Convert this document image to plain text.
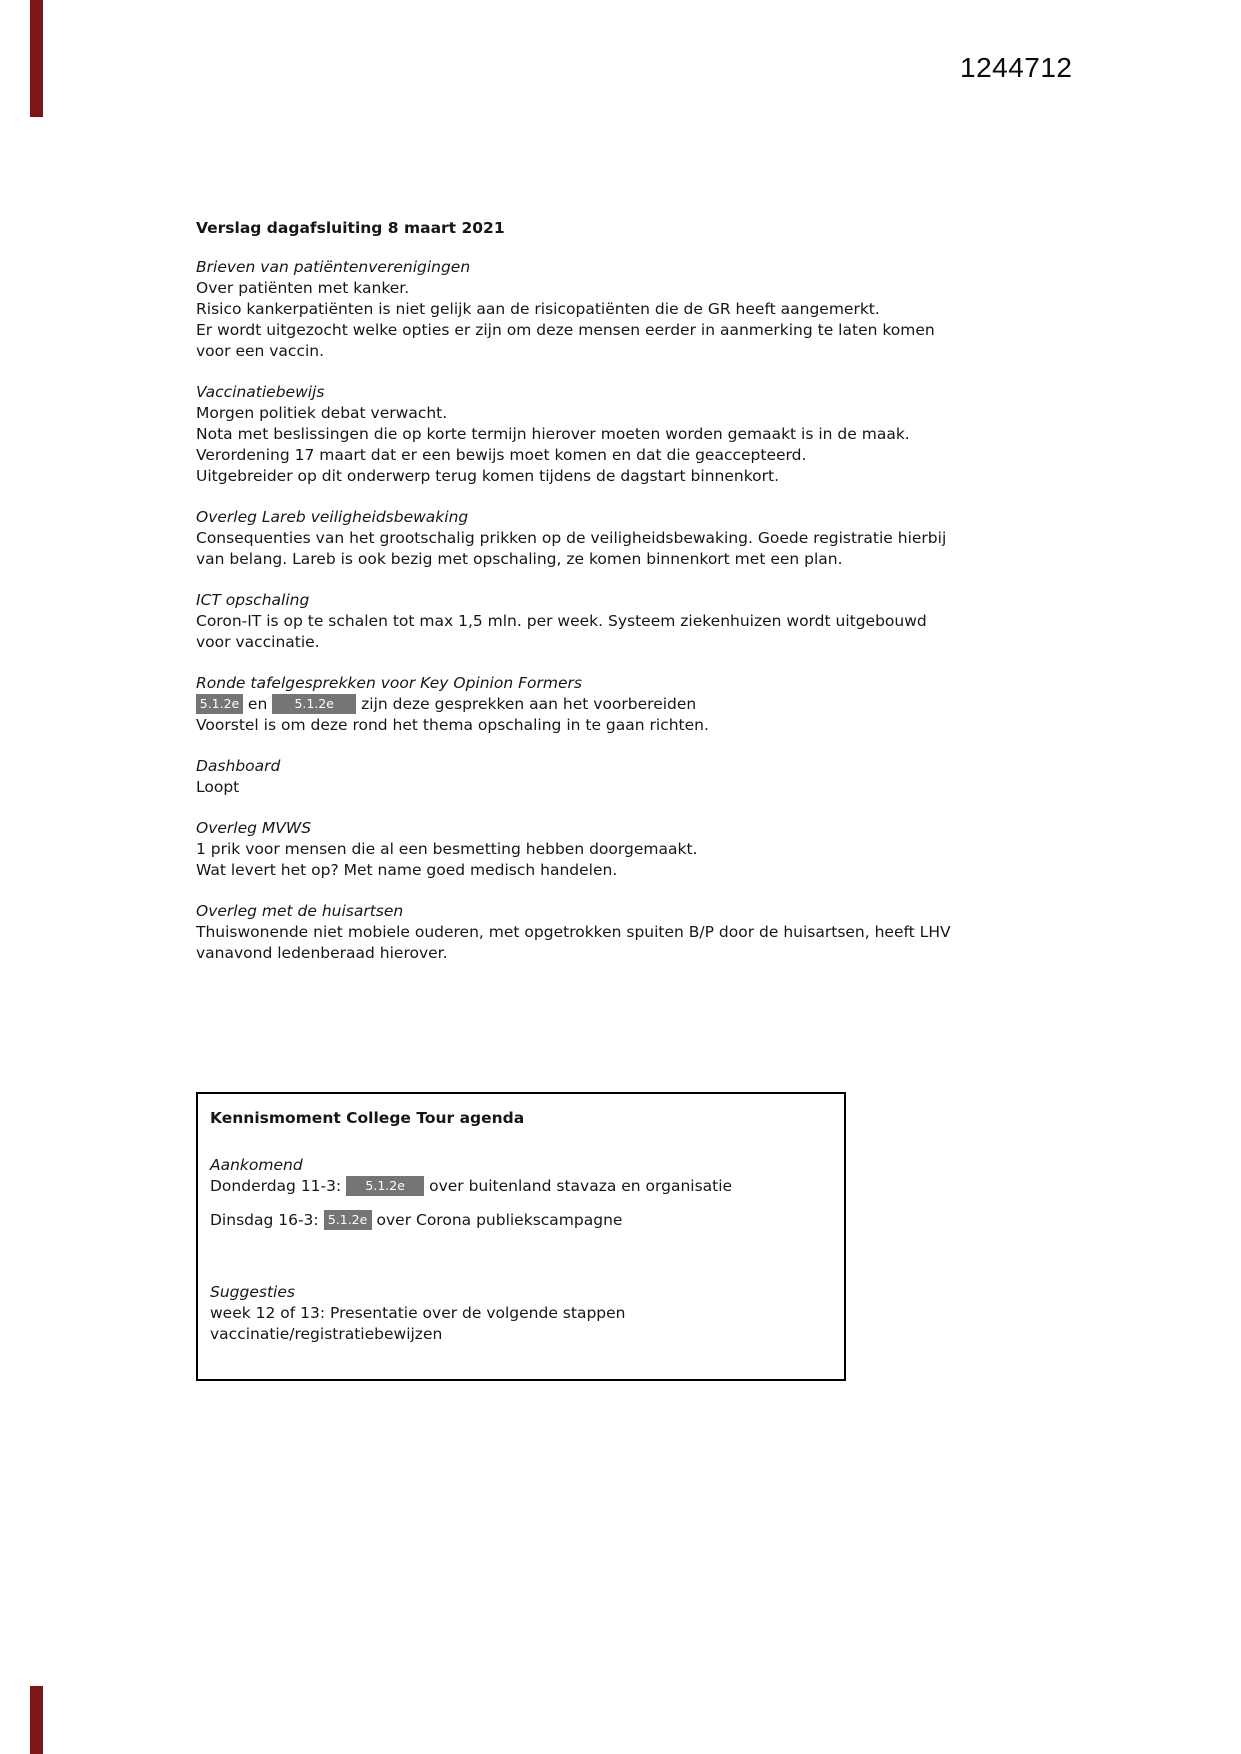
1244712
Verslag dagafsluiting 8 maart 2021
Brieven van patiëntenverenigingen
Over patiënten met kanker.
Risico kankerpatiënten is niet gelijk aan de risicopatiënten die de GR heeft aangemerkt.
Er wordt uitgezocht welke opties er zijn om deze mensen eerder in aanmerking te laten komen
voor een vaccin.
Vaccinatiebewijs
Morgen politiek debat verwacht.
Nota met beslissingen die op korte termijn hierover moeten worden gemaakt is in de maak.
Verordening 17 maart dat er een bewijs moet komen en dat die geaccepteerd.
Uitgebreider op dit onderwerp terug komen tijdens de dagstart binnenkort.
Overleg Lareb veiligheidsbewaking
Consequenties van het grootschalig prikken op de veiligheidsbewaking. Goede registratie hierbij
van belang. Lareb is ook bezig met opschaling, ze komen binnenkort met een plan.
ICT opschaling
Coron-IT is op te schalen tot max 1,5 mln. per week. Systeem ziekenhuizen wordt uitgebouwd
voor vaccinatie.
Ronde tafelgesprekken voor Key Opinion Formers
5.1.2e en 5.1.2e zijn deze gesprekken aan het voorbereiden
Voorstel is om deze rond het thema opschaling in te gaan richten.
Dashboard
Loopt
Overleg MVWS
1 prik voor mensen die al een besmetting hebben doorgemaakt.
Wat levert het op? Met name goed medisch handelen.
Overleg met de huisartsen
Thuiswonende niet mobiele ouderen, met opgetrokken spuiten B/P door de huisartsen, heeft LHV
vanavond ledenberaad hierover.
Kennismoment College Tour agenda
Aankomend
Donderdag 11-3: 5.1.2e over buitenland stavaza en organisatie
Dinsdag 16-3: 5.1.2e over Corona publiekscampagne
Suggesties
week 12 of 13: Presentatie over de volgende stappen
vaccinatie/registratiebewijzen
